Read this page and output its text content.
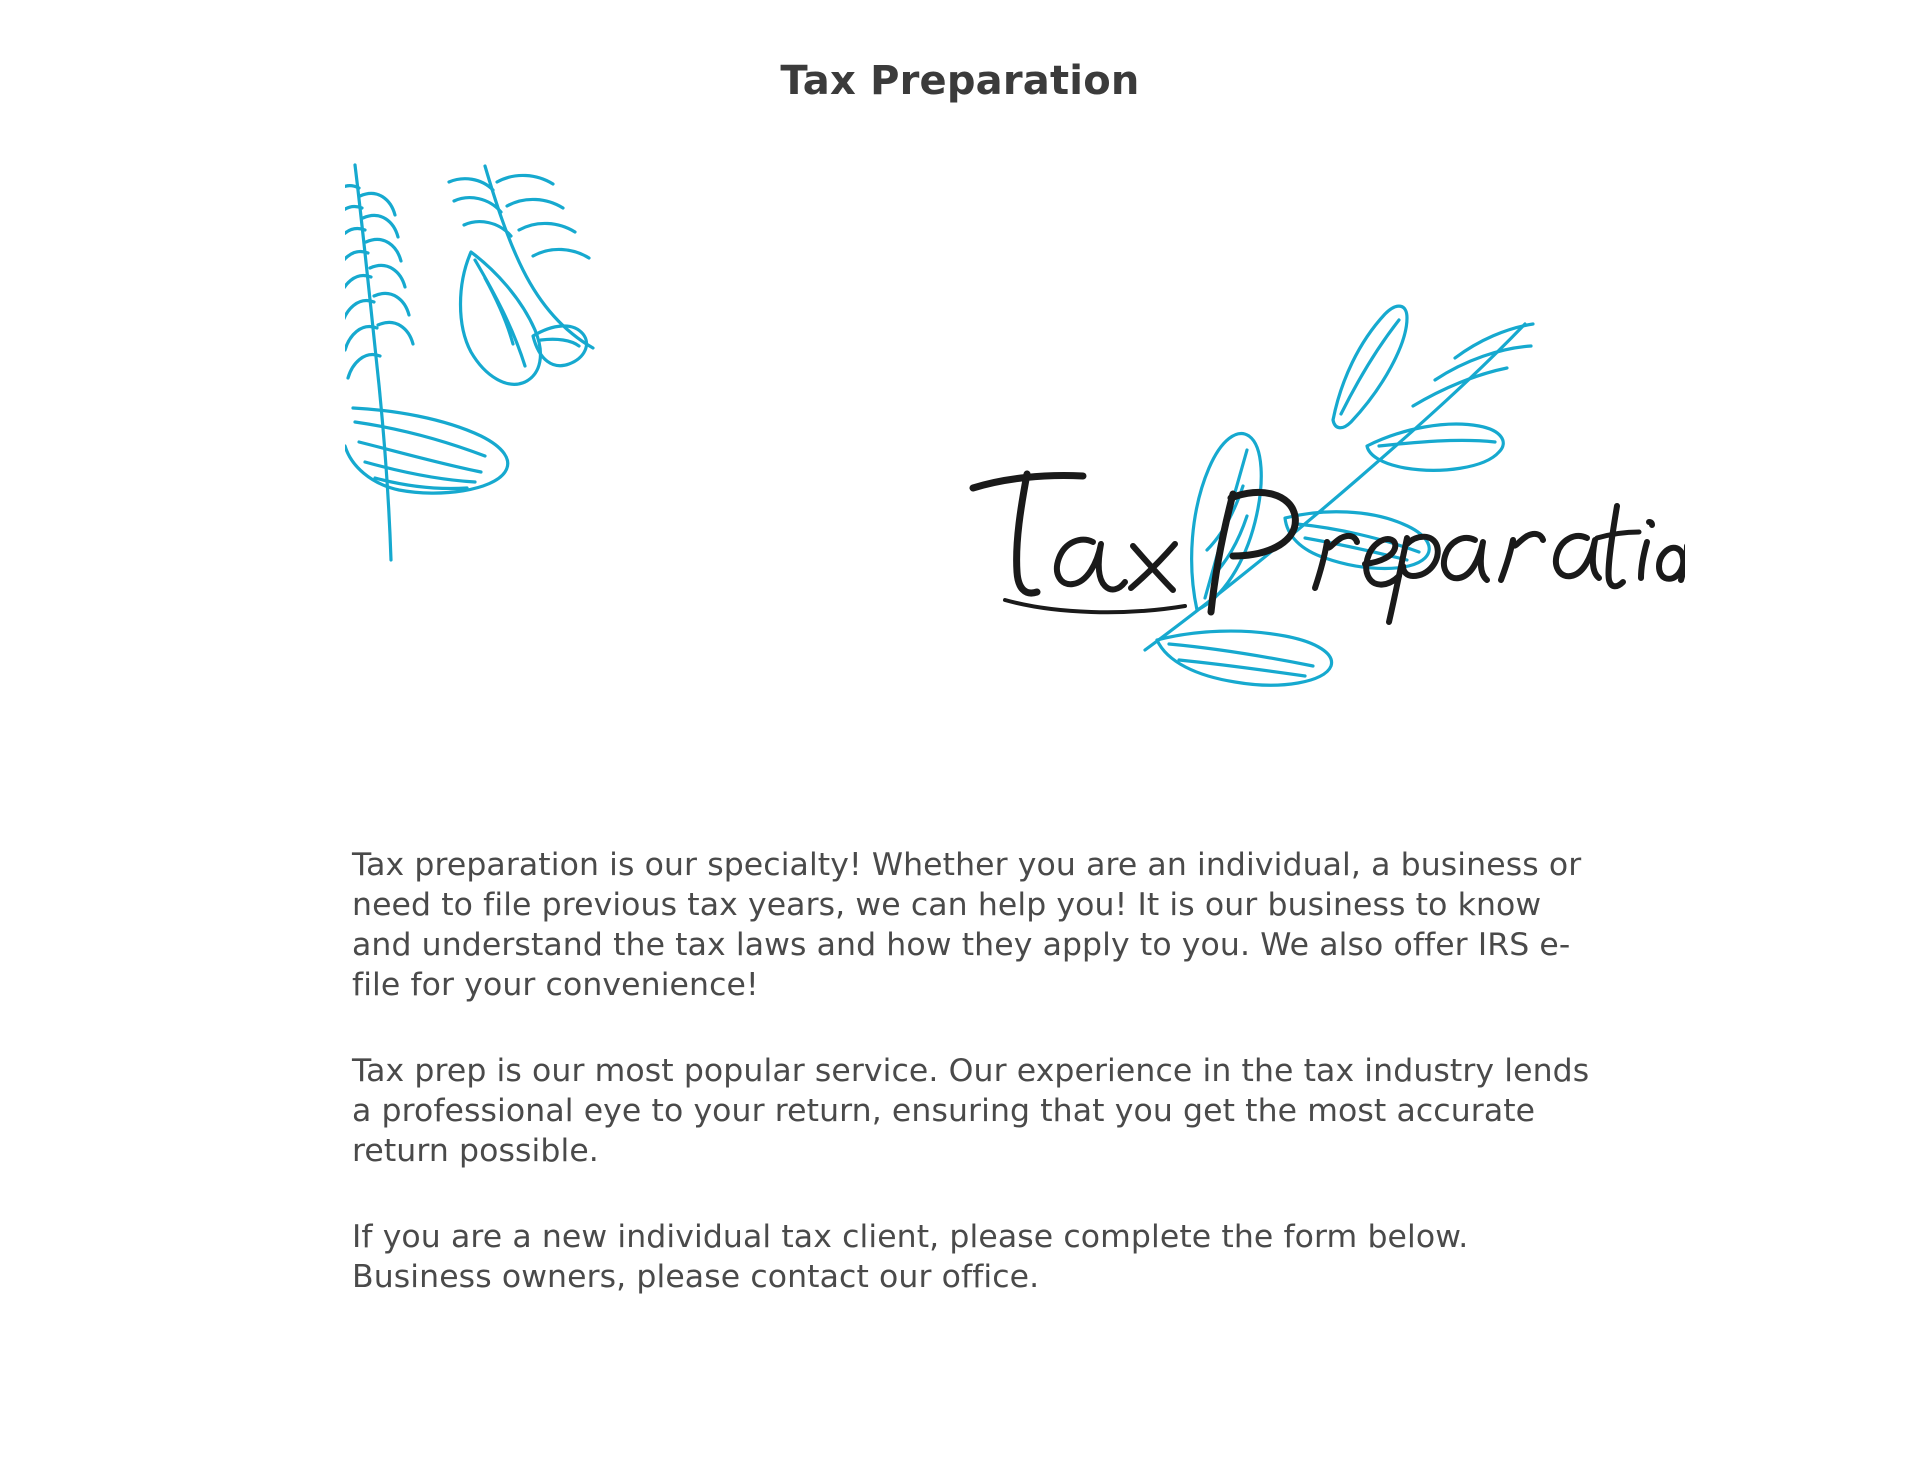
Tax Preparation

Tax preparation is our specialty! Whether you are an individual, a business or need to file previous tax years, we can help you! It is our business to know and understand the tax laws and how they apply to you. We also offer IRS e-file for your convenience!

Tax prep is our most popular service. Our experience in the tax industry lends a professional eye to your return, ensuring that you get the most accurate return possible.

If you are a new individual tax client, please complete the form below. Business owners, please contact our office.
